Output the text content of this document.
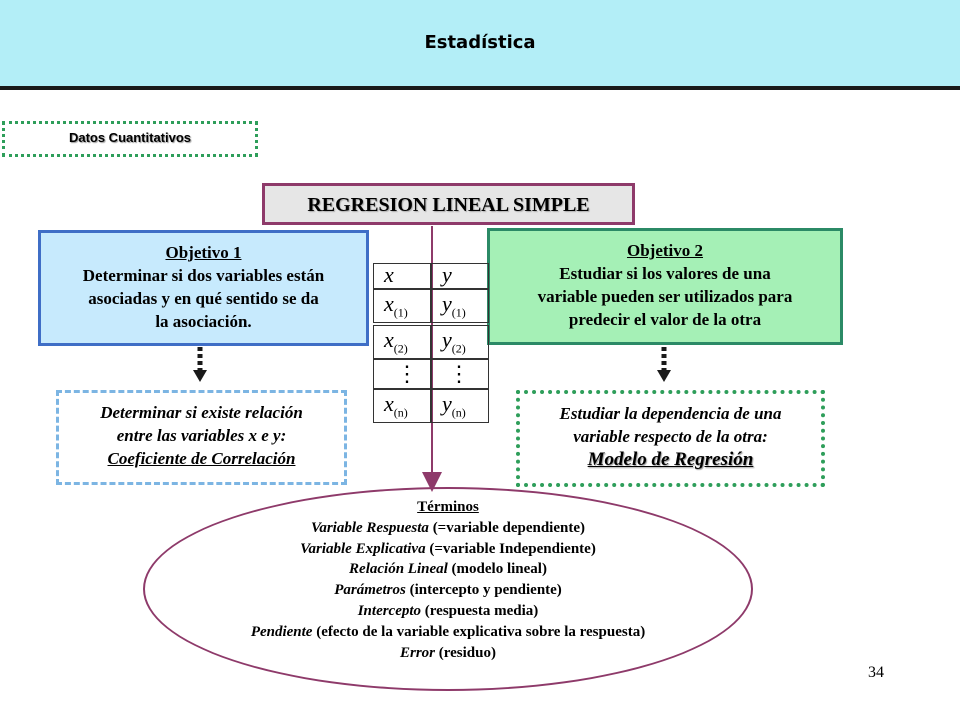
Estadística
Datos Cuantitativos
REGRESION LINEAL SIMPLE
Objetivo 1
Determinar si dos variables están
asociadas y en qué sentido se da
la asociación.
Objetivo 2
Estudiar si los valores de una
variable pueden ser utilizados para
predecir el valor de la otra
Determinar si existe relación
entre las variables x e y:
Coeficiente de Correlación
Estudiar la dependencia de una
variable respecto de la otra:
Modelo de Regresión
x	y
$x_{(1)}$	$y_{(1)}$
$x_{(2)}$	$y_{(2)}$
⋮	⋮
$x_{(n)}$	$y_{(n)}$
Términos
Variable Respuesta (=variable dependiente)
Variable Explicativa (=variable Independiente)
Relación Lineal (modelo lineal)
Parámetros (intercepto y pendiente)
Intercepto (respuesta media)
Pendiente (efecto de la variable explicativa sobre la respuesta)
Error (residuo)
34
